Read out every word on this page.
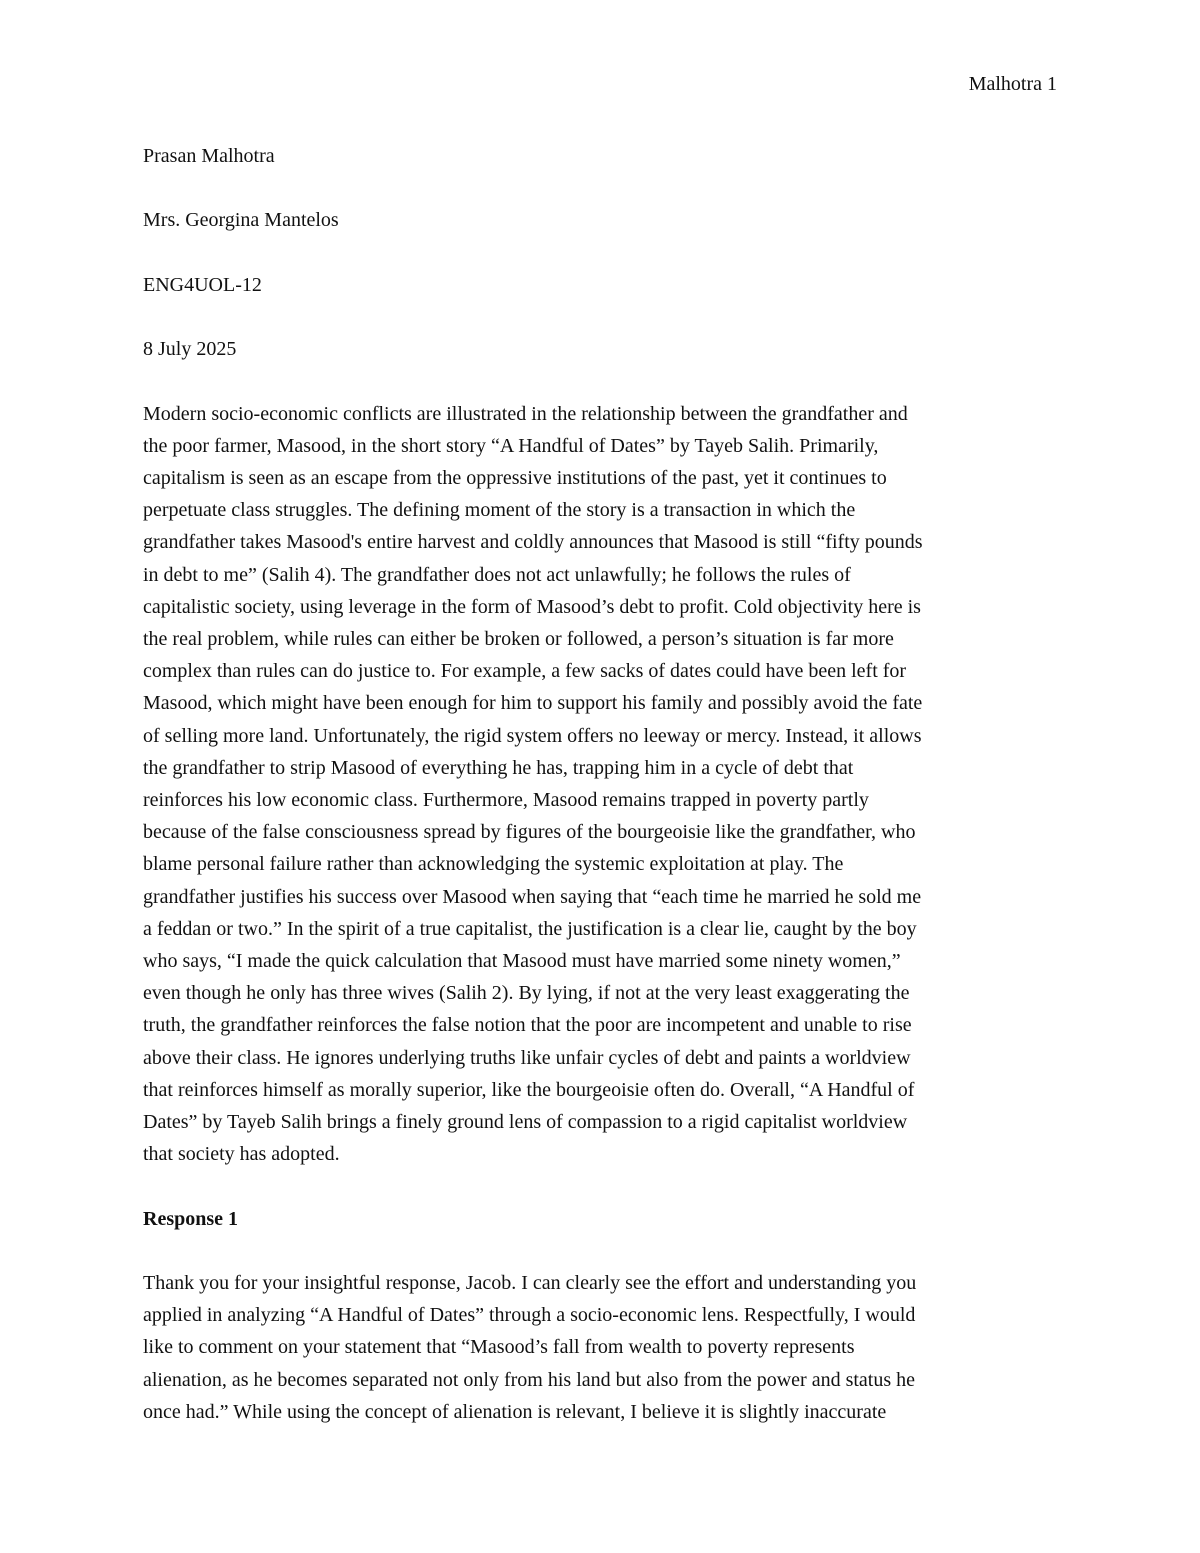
Malhotra 1
Prasan Malhotra
Mrs. Georgina Mantelos
ENG4UOL-12
8 July 2025
Modern socio-economic conflicts are illustrated in the relationship between the grandfather and
the poor farmer, Masood, in the short story “A Handful of Dates” by Tayeb Salih. Primarily,
capitalism is seen as an escape from the oppressive institutions of the past, yet it continues to
perpetuate class struggles. The defining moment of the story is a transaction in which the
grandfather takes Masood's entire harvest and coldly announces that Masood is still “fifty pounds
in debt to me” (Salih 4). The grandfather does not act unlawfully; he follows the rules of
capitalistic society, using leverage in the form of Masood’s debt to profit. Cold objectivity here is
the real problem, while rules can either be broken or followed, a person’s situation is far more
complex than rules can do justice to. For example, a few sacks of dates could have been left for
Masood, which might have been enough for him to support his family and possibly avoid the fate
of selling more land. Unfortunately, the rigid system offers no leeway or mercy. Instead, it allows
the grandfather to strip Masood of everything he has, trapping him in a cycle of debt that
reinforces his low economic class. Furthermore, Masood remains trapped in poverty partly
because of the false consciousness spread by figures of the bourgeoisie like the grandfather, who
blame personal failure rather than acknowledging the systemic exploitation at play. The
grandfather justifies his success over Masood when saying that “each time he married he sold me
a feddan or two.” In the spirit of a true capitalist, the justification is a clear lie, caught by the boy
who says, “I made the quick calculation that Masood must have married some ninety women,”
even though he only has three wives (Salih 2). By lying, if not at the very least exaggerating the
truth, the grandfather reinforces the false notion that the poor are incompetent and unable to rise
above their class. He ignores underlying truths like unfair cycles of debt and paints a worldview
that reinforces himself as morally superior, like the bourgeoisie often do. Overall, “A Handful of
Dates” by Tayeb Salih brings a finely ground lens of compassion to a rigid capitalist worldview
that society has adopted.
Response 1
Thank you for your insightful response, Jacob. I can clearly see the effort and understanding you
applied in analyzing “A Handful of Dates” through a socio-economic lens. Respectfully, I would
like to comment on your statement that “Masood’s fall from wealth to poverty represents
alienation, as he becomes separated not only from his land but also from the power and status he
once had.” While using the concept of alienation is relevant, I believe it is slightly inaccurate
